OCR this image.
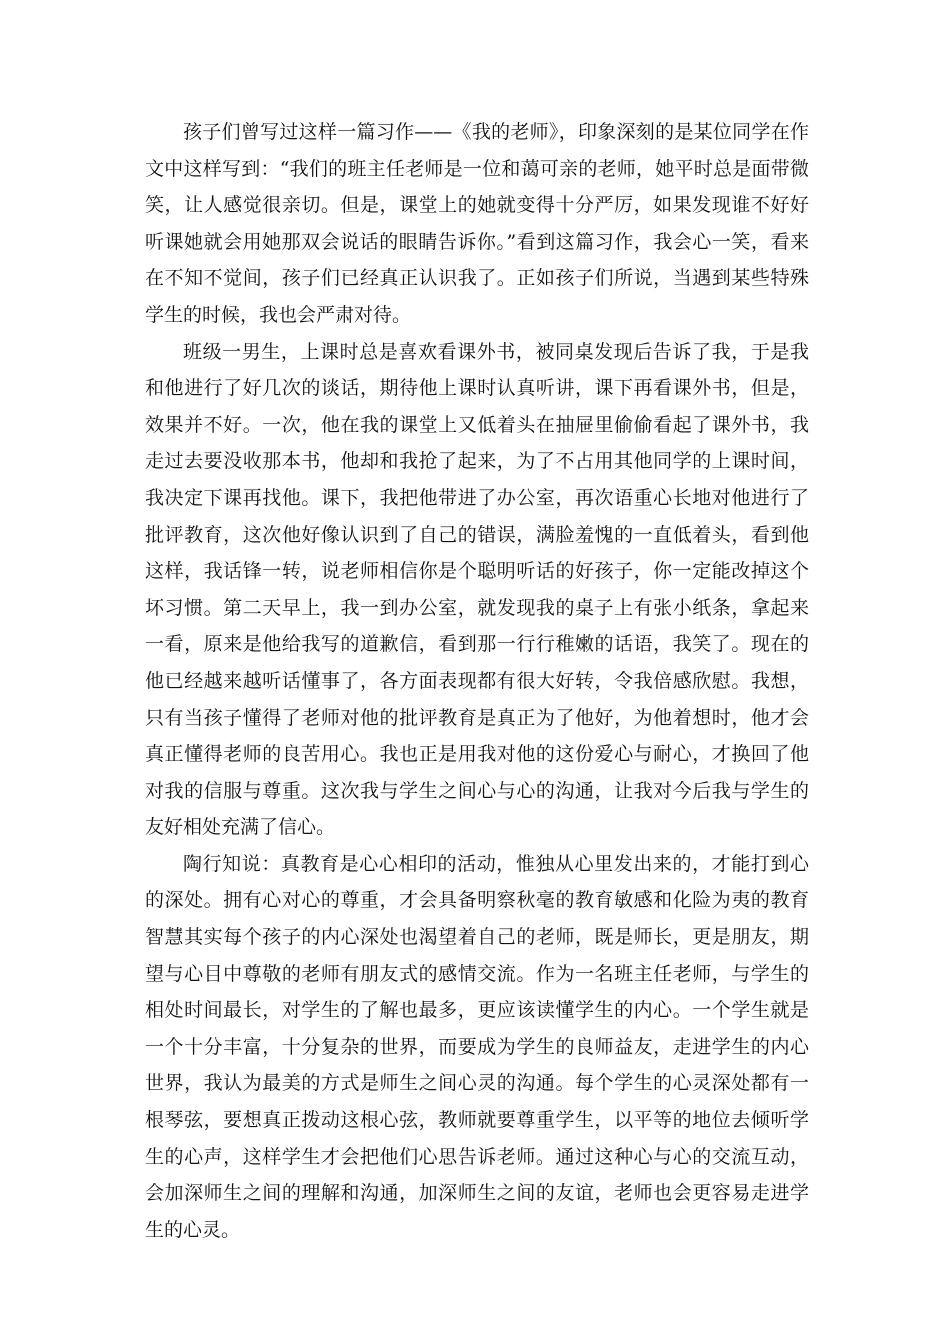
孩子们曾写过这样一篇习作——《我的老师》，印象深刻的是某位同学在作文中这样写到：“我们的班主任老师是一位和蔼可亲的老师，她平时总是面带微笑，让人感觉很亲切。但是，课堂上的她就变得十分严厉，如果发现谁不好好听课她就会用她那双会说话的眼睛告诉你。”看到这篇习作，我会心一笑，看来在不知不觉间，孩子们已经真正认识我了。正如孩子们所说，当遇到某些特殊学生的时候，我也会严肃对待。

班级一男生，上课时总是喜欢看课外书，被同桌发现后告诉了我，于是我和他进行了好几次的谈话，期待他上课时认真听讲，课下再看课外书，但是，效果并不好。一次，他在我的课堂上又低着头在抽屉里偷偷看起了课外书，我走过去要没收那本书，他却和我抢了起来，为了不占用其他同学的上课时间，我决定下课再找他。课下，我把他带进了办公室，再次语重心长地对他进行了批评教育，这次他好像认识到了自己的错误，满脸羞愧的一直低着头，看到他这样，我话锋一转，说老师相信你是个聪明听话的好孩子，你一定能改掉这个坏习惯。第二天早上，我一到办公室，就发现我的桌子上有张小纸条，拿起来一看，原来是他给我写的道歉信，看到那一行行稚嫩的话语，我笑了。现在的他已经越来越听话懂事了，各方面表现都有很大好转，令我倍感欣慰。我想，只有当孩子懂得了老师对他的批评教育是真正为了他好，为他着想时，他才会真正懂得老师的良苦用心。我也正是用我对他的这份爱心与耐心，才换回了他对我的信服与尊重。这次我与学生之间心与心的沟通，让我对今后我与学生的友好相处充满了信心。

陶行知说：真教育是心心相印的活动，惟独从心里发出来的，才能打到心的深处。拥有心对心的尊重，才会具备明察秋毫的教育敏感和化险为夷的教育智慧其实每个孩子的内心深处也渴望着自己的老师，既是师长，更是朋友，期望与心目中尊敬的老师有朋友式的感情交流。作为一名班主任老师，与学生的相处时间最长，对学生的了解也最多，更应该读懂学生的内心。一个学生就是一个十分丰富，十分复杂的世界，而要成为学生的良师益友，走进学生的内心世界，我认为最美的方式是师生之间心灵的沟通。每个学生的心灵深处都有一根琴弦，要想真正拨动这根心弦，教师就要尊重学生，以平等的地位去倾听学生的心声，这样学生才会把他们心思告诉老师。通过这种心与心的交流互动，会加深师生之间的理解和沟通，加深师生之间的友谊，老师也会更容易走进学生的心灵。
